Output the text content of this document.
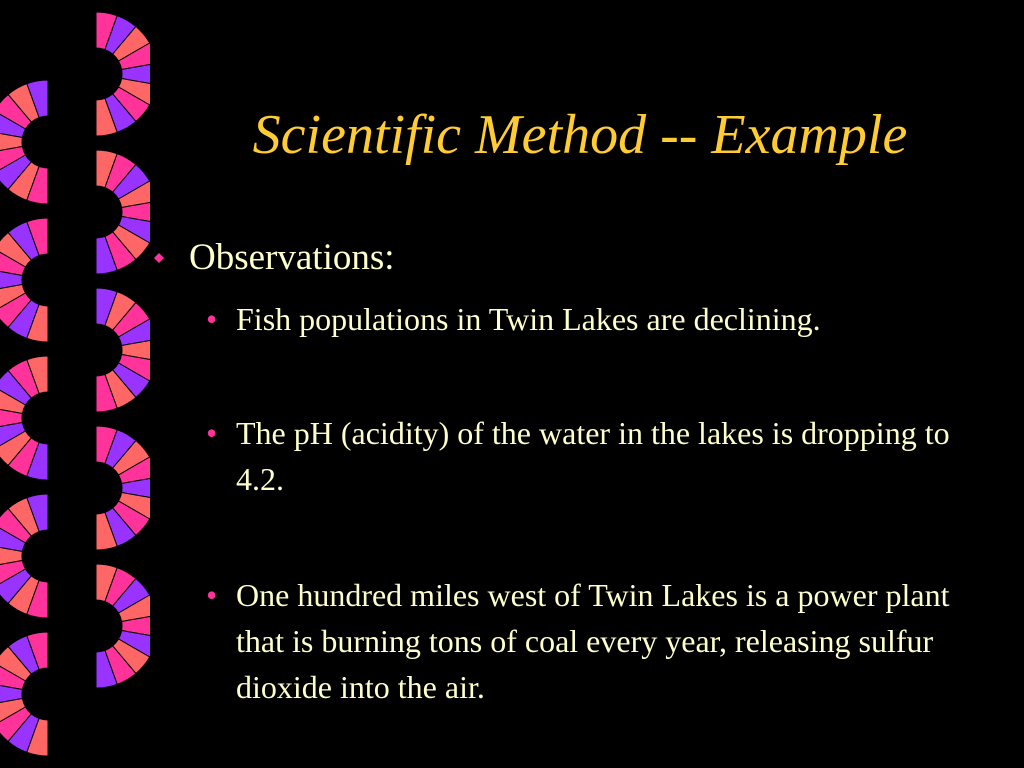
Scientific Method -- Example
Observations:
• Fish populations in Twin Lakes are declining.
• The pH (acidity) of the water in the lakes is dropping to 4.2.
• One hundred miles west of Twin Lakes is a power plant that is burning tons of coal every year, releasing sulfur dioxide into the air.
